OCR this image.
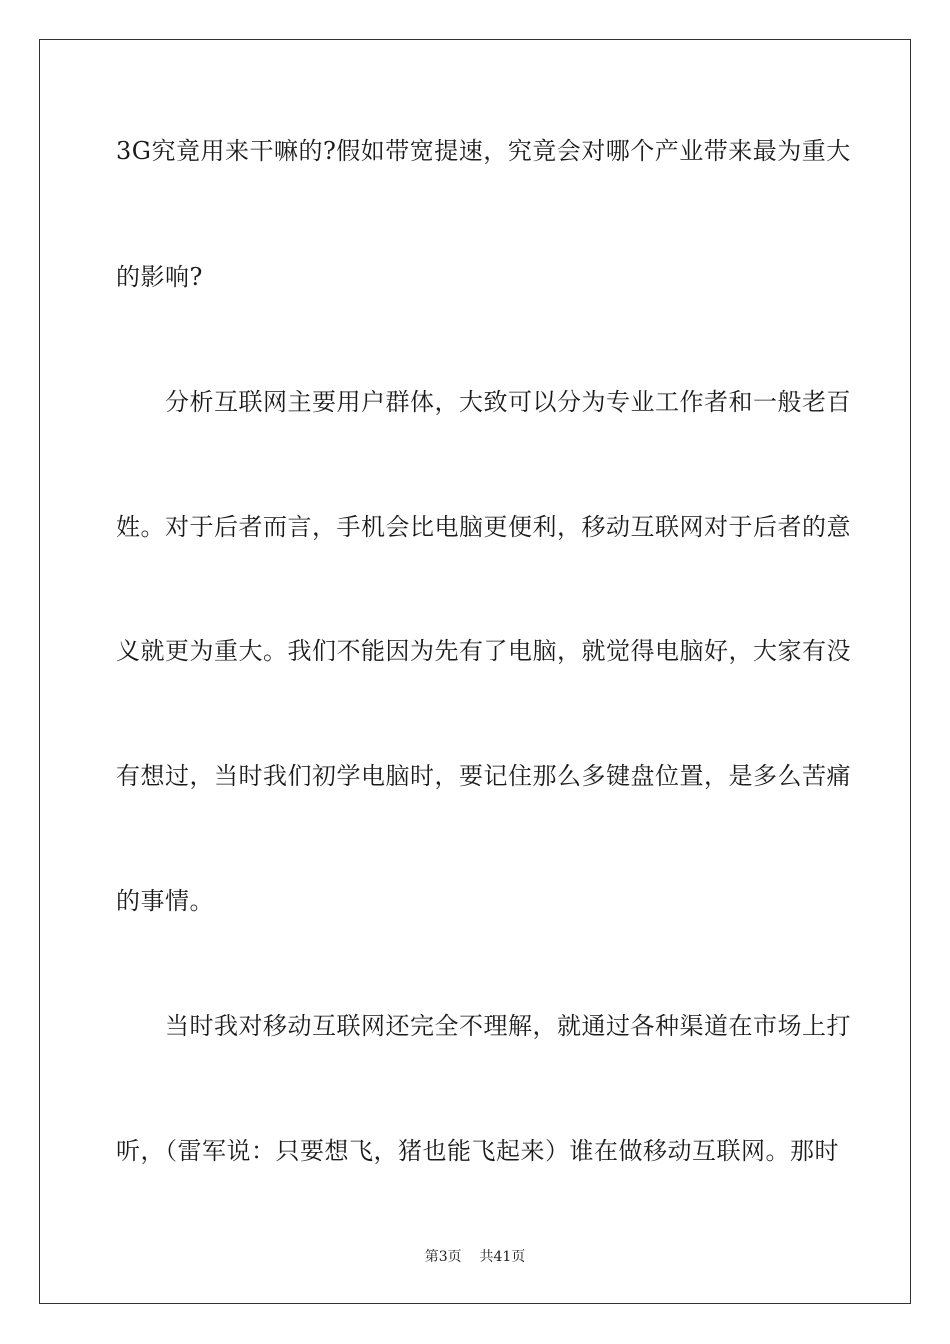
3G究竟用来干嘛的?假如带宽提速，究竟会对哪个产业带来最为重大
的影响?
　　分析互联网主要用户群体，大致可以分为专业工作者和一般老百
姓。对于后者而言，手机会比电脑更便利，移动互联网对于后者的意
义就更为重大。我们不能因为先有了电脑，就觉得电脑好，大家有没
有想过，当时我们初学电脑时，要记住那么多键盘位置，是多么苦痛
的事情。
　　当时我对移动互联网还完全不理解，就通过各种渠道在市场上打
听，（雷军说：只要想飞，猪也能飞起来）谁在做移动互联网。那时
第3页 共41页
